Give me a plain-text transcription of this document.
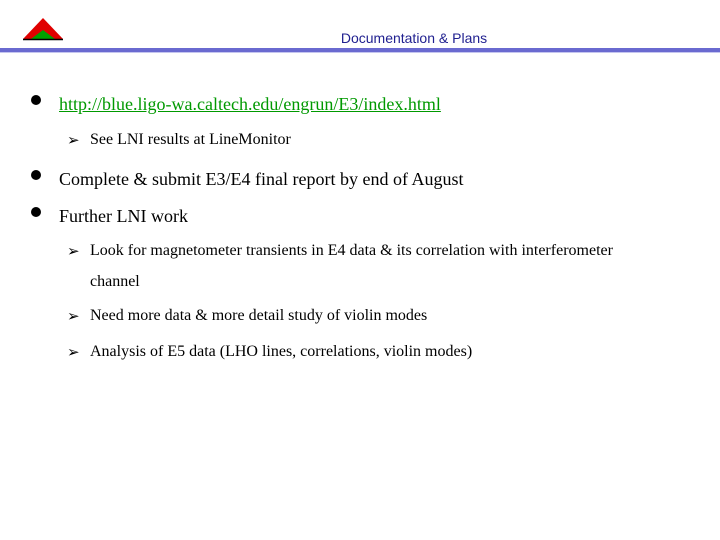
Documentation & Plans
http://blue.ligo-wa.caltech.edu/engrun/E3/index.html
➢ See LNI results at LineMonitor
Complete & submit E3/E4 final report by end of August
Further LNI work
➢ Look for magnetometer transients in E4 data & its correlation with interferometer
channel
➢ Need more data & more detail study of violin modes
➢ Analysis of E5 data (LHO lines, correlations, violin modes)
